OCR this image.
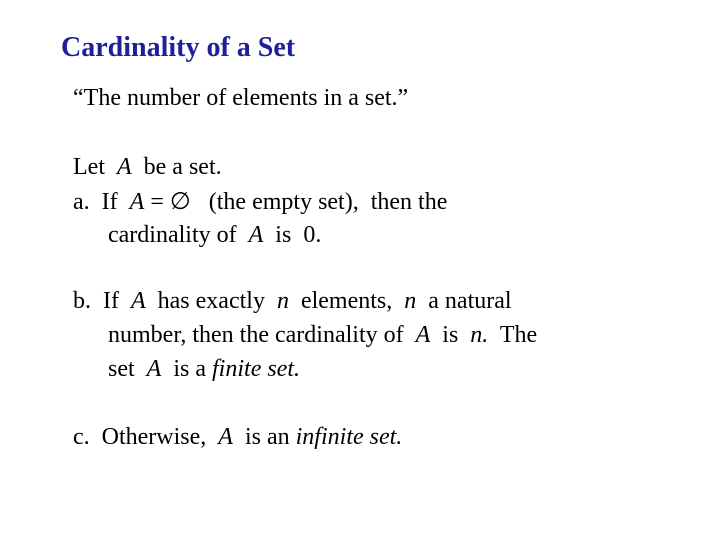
Cardinality of a Set
“The number of elements in a set.”
Let A be a set.
a. If A = ∅ (the empty set), then the
cardinality of A is 0.
b. If A has exactly n elements, n a natural
number, then the cardinality of A is n. The
set A is a finite set.
c. Otherwise, A is an infinite set.
